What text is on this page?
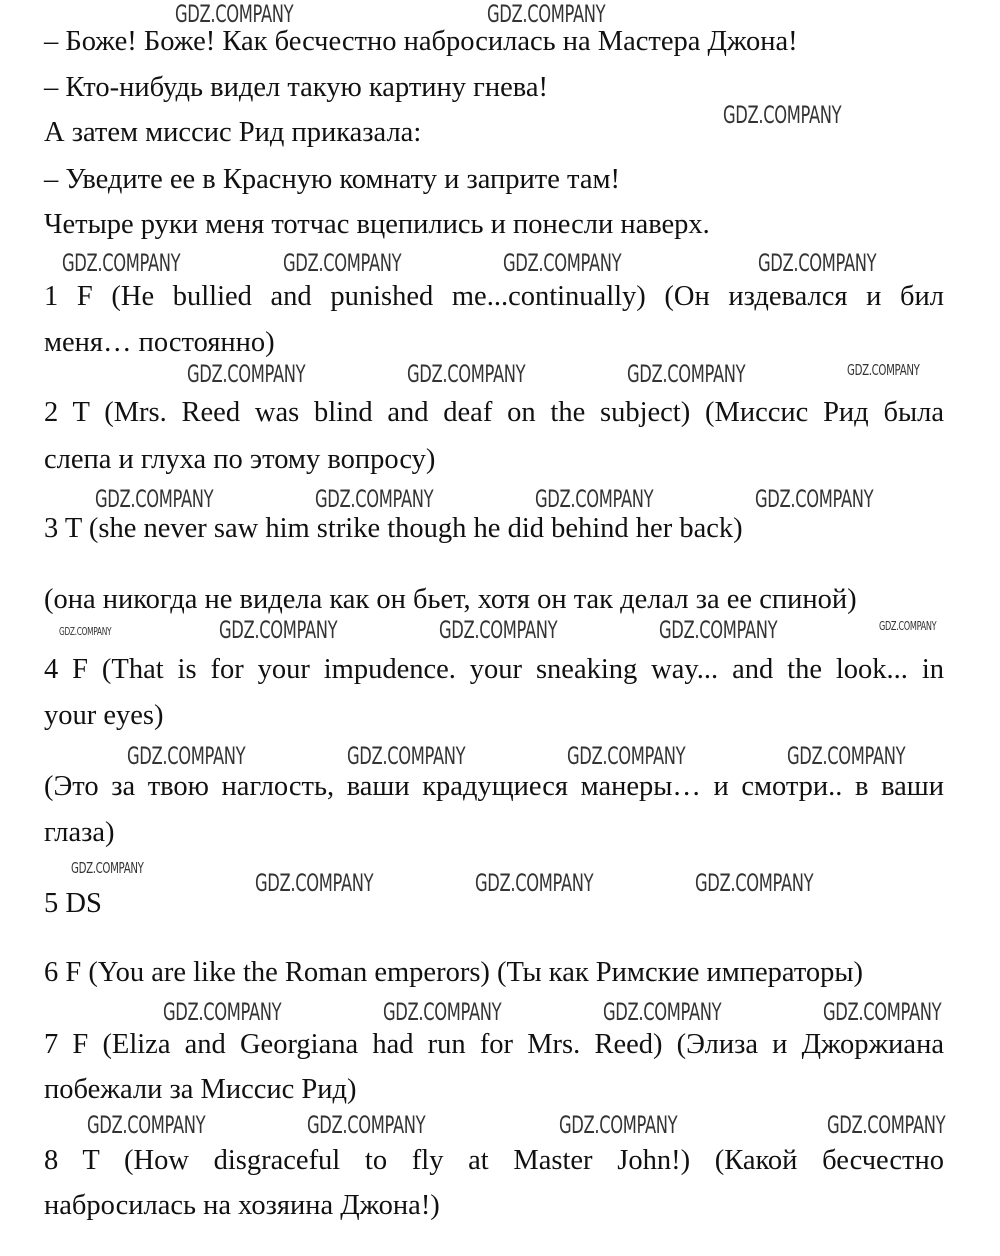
– Боже! Боже! Как бесчестно набросилась на Мастера Джона!
– Кто-нибудь видел такую картину гнева!
А затем миссис Рид приказала:
– Уведите ее в Красную комнату и заприте там!
Четыре руки меня тотчас вцепились и понесли наверх.
1 F (He bullied and punished me...continually) (Он издевался и бил
меня… постоянно)
2 T (Mrs. Reed was blind and deaf on the subject) (Миссис Рид была
слепа и глуха по этому вопросу)
3 T (she never saw him strike though he did behind her back)
(она никогда не видела как он бьет, хотя он так делал за ее спиной)
4 F (That is for your impudence. your sneaking way... and the look... in
your eyes)
(Это за твою наглость, ваши крадущиеся манеры… и смотри.. в ваши
глаза)
5 DS
6 F (You are like the Roman emperors) (Ты как Римские императоры)
7 F (Eliza and Georgiana had run for Mrs. Reed) (Элиза и Джоржиана
побежали за Миссис Рид)
8 T (How disgraceful to fly at Master John!) (Какой бесчестно
набросилась на хозяина Джона!)
GDZ.COMPANY	GDZ.COMPANY
GDZ.COMPANY
GDZ.COMPANY	GDZ.COMPANY	GDZ.COMPANY	GDZ.COMPANY
GDZ.COMPANY	GDZ.COMPANY	GDZ.COMPANY	GDZ.COMPANY
GDZ.COMPANY	GDZ.COMPANY	GDZ.COMPANY	GDZ.COMPANY
GDZ.COMPANY	GDZ.COMPANY	GDZ.COMPANY	GDZ.COMPANY	GDZ.COMPANY
GDZ.COMPANY	GDZ.COMPANY	GDZ.COMPANY	GDZ.COMPANY
GDZ.COMPANY
GDZ.COMPANY	GDZ.COMPANY	GDZ.COMPANY
GDZ.COMPANY	GDZ.COMPANY	GDZ.COMPANY	GDZ.COMPANY
GDZ.COMPANY	GDZ.COMPANY	GDZ.COMPANY	GDZ.COMPANY
